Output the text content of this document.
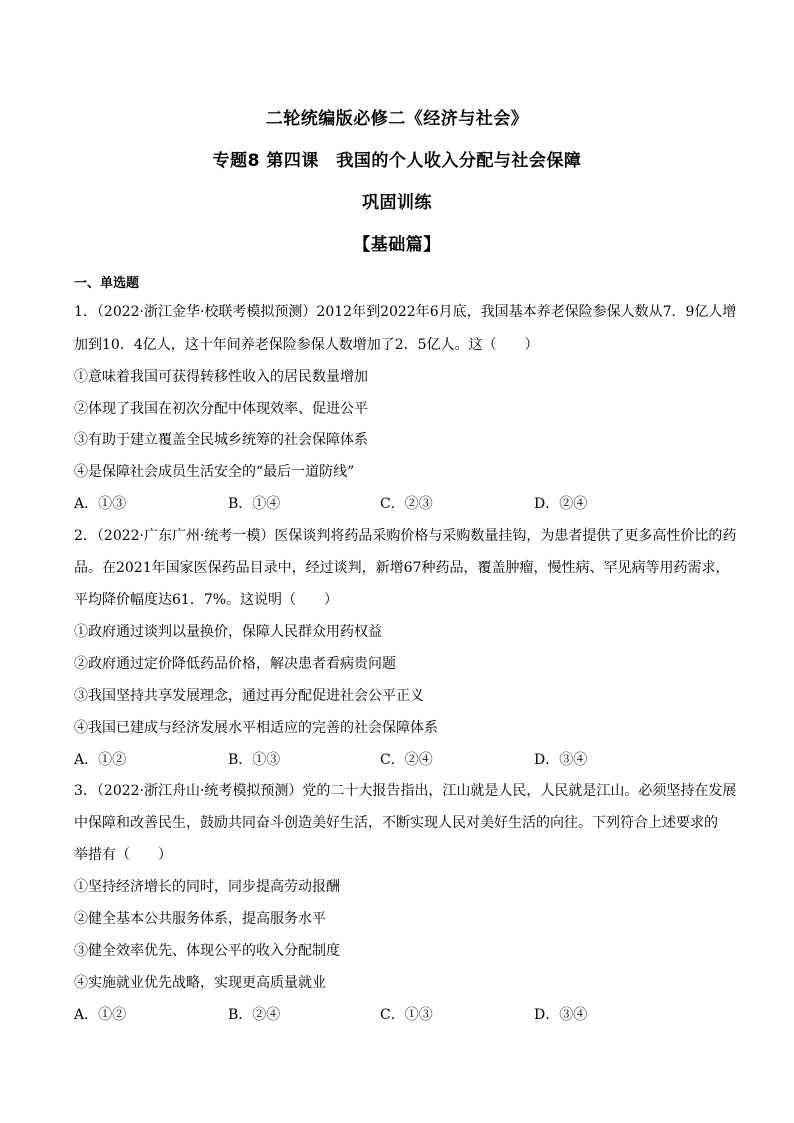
二轮统编版必修二《经济与社会》
专题8 第四课　我国的个人收入分配与社会保障
巩固训练
【基础篇】
一、单选题
1．（2022·浙江金华·校联考模拟预测）2012年到2022年6月底，我国基本养老保险参保人数从7．9亿人增
加到10．4亿人，这十年间养老保险参保人数增加了2．5亿人。这（　　）
①意味着我国可获得转移性收入的居民数量增加
②体现了我国在初次分配中体现效率、促进公平
③有助于建立覆盖全民城乡统筹的社会保障体系
④是保障社会成员生活安全的“最后一道防线”
A．①③	B．①④	C．②③	D．②④
2．（2022·广东广州·统考一模）医保谈判将药品采购价格与采购数量挂钩，为患者提供了更多高性价比的药
品。在2021年国家医保药品目录中，经过谈判，新增67种药品，覆盖肿瘤，慢性病、罕见病等用药需求，
平均降价幅度达61．7%。这说明（　　）
①政府通过谈判以量换价，保障人民群众用药权益
②政府通过定价降低药品价格，解决患者看病贵问题
③我国坚持共享发展理念，通过再分配促进社会公平正义
④我国已建成与经济发展水平相适应的完善的社会保障体系
A．①②	B．①③	C．②④	D．③④
3．（2022·浙江舟山·统考模拟预测）党的二十大报告指出，江山就是人民，人民就是江山。必须坚持在发展
中保障和改善民生，鼓励共同奋斗创造美好生活，不断实现人民对美好生活的向往。下列符合上述要求的
举措有（　　）
①坚持经济增长的同时，同步提高劳动报酬
②健全基本公共服务体系，提高服务水平
③健全效率优先、体现公平的收入分配制度
④实施就业优先战略，实现更高质量就业
A．①②	B．②④	C．①③	D．③④
